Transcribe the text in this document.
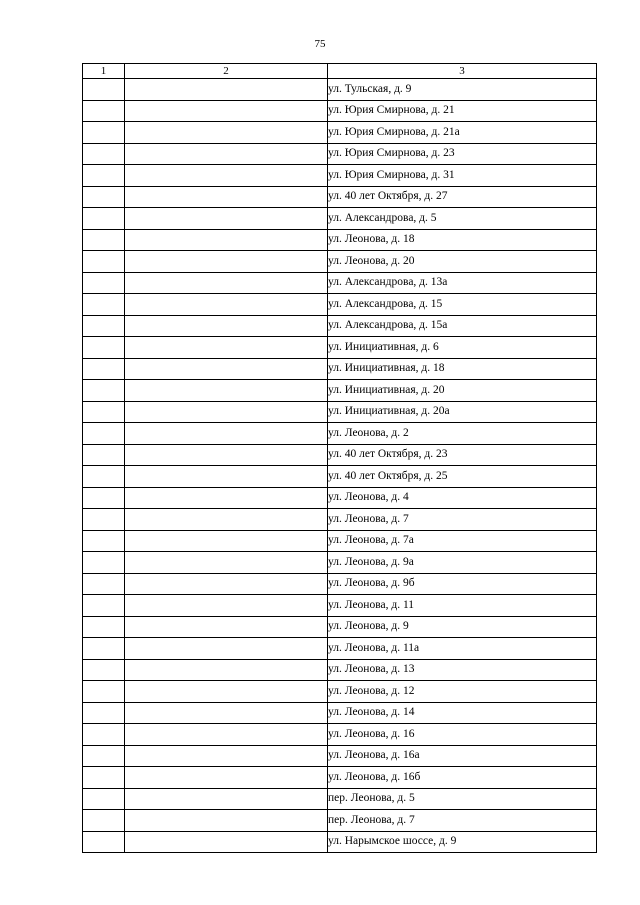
75
1	2	3
		ул. Тульская, д. 9
		ул. Юрия Смирнова, д. 21
		ул. Юрия Смирнова, д. 21а
		ул. Юрия Смирнова, д. 23
		ул. Юрия Смирнова, д. 31
		ул. 40 лет Октября, д. 27
		ул. Александрова, д. 5
		ул. Леонова, д. 18
		ул. Леонова, д. 20
		ул. Александрова, д. 13а
		ул. Александрова, д. 15
		ул. Александрова, д. 15а
		ул. Инициативная, д. 6
		ул. Инициативная, д. 18
		ул. Инициативная, д. 20
		ул. Инициативная, д. 20а
		ул. Леонова, д. 2
		ул. 40 лет Октября, д. 23
		ул. 40 лет Октября, д. 25
		ул. Леонова, д. 4
		ул. Леонова, д. 7
		ул. Леонова, д. 7а
		ул. Леонова, д. 9а
		ул. Леонова, д. 9б
		ул. Леонова, д. 11
		ул. Леонова, д. 9
		ул. Леонова, д. 11а
		ул. Леонова, д. 13
		ул. Леонова, д. 12
		ул. Леонова, д. 14
		ул. Леонова, д. 16
		ул. Леонова, д. 16а
		ул. Леонова, д. 16б
		пер. Леонова, д. 5
		пер. Леонова, д. 7
		ул. Нарымское шоссе, д. 9
